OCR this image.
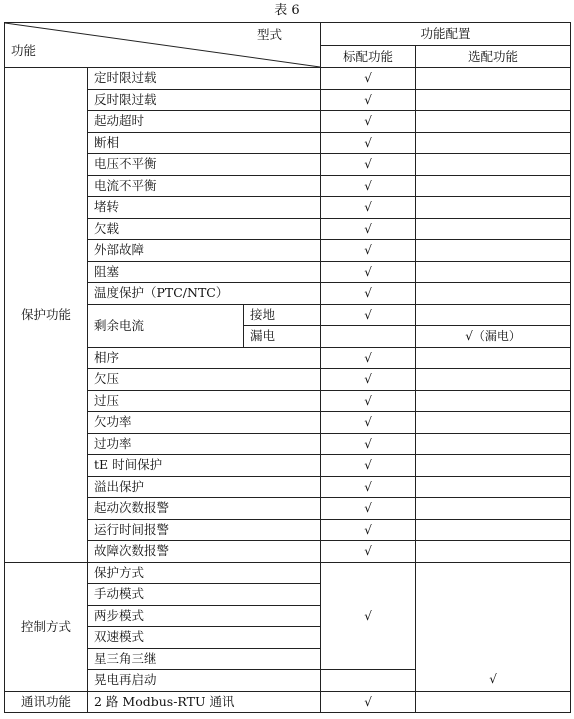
表 6
型式
功能			功能配置	
			标配功能	选配功能
保护功能	定时限过载		√	
	反时限过载		√	
	起动超时		√	
	断相		√	
	电压不平衡		√	
	电流不平衡		√	
	堵转		√	
	欠载		√	
	外部故障		√	
	阻塞		√	
	温度保护（PTC/NTC）		√	
	剩余电流	接地	√	
		漏电		√（漏电）
	相序		√	
	欠压		√	
	过压		√	
	欠功率		√	
	过功率		√	
	tE 时间保护		√	
	溢出保护		√	
	起动次数报警		√	
	运行时间报警		√	
	故障次数报警		√	
控制方式	保护方式		√	√
	手动模式			
	两步模式			
	双速模式			
	星三角三继			
	晃电再启动			
通讯功能	2 路 Modbus-RTU 通讯		√	
